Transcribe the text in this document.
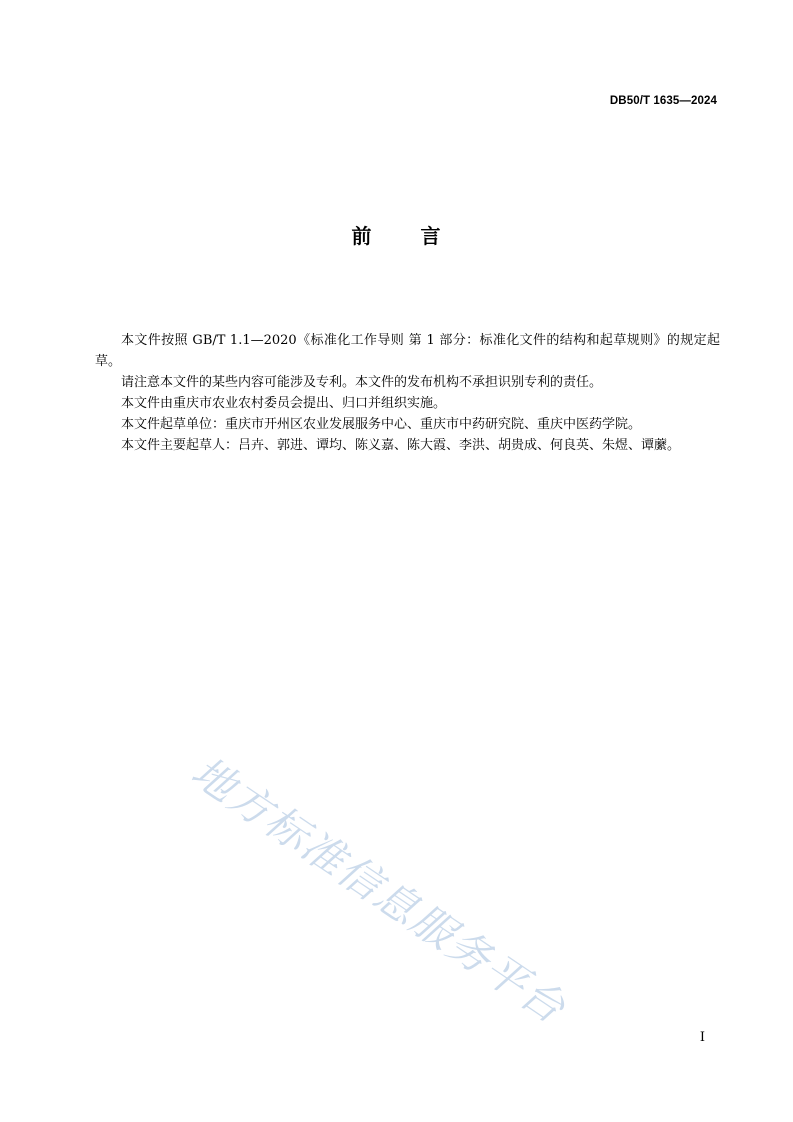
DB50/T 1635—2024
前 言

本文件按照 GB/T 1.1—2020《标准化工作导则 第 1 部分：标准化文件的结构和起草规则》的规定起草。

请注意本文件的某些内容可能涉及专利。本文件的发布机构不承担识别专利的责任。

本文件由重庆市农业农村委员会提出、归口并组织实施。

本文件起草单位：重庆市开州区农业发展服务中心、重庆市中药研究院、重庆中医药学院。

本文件主要起草人：吕卉、郭进、谭均、陈义嘉、陈大霞、李洪、胡贵成、何良英、朱煜、谭䕷。

地方标准信息服务平台
I
